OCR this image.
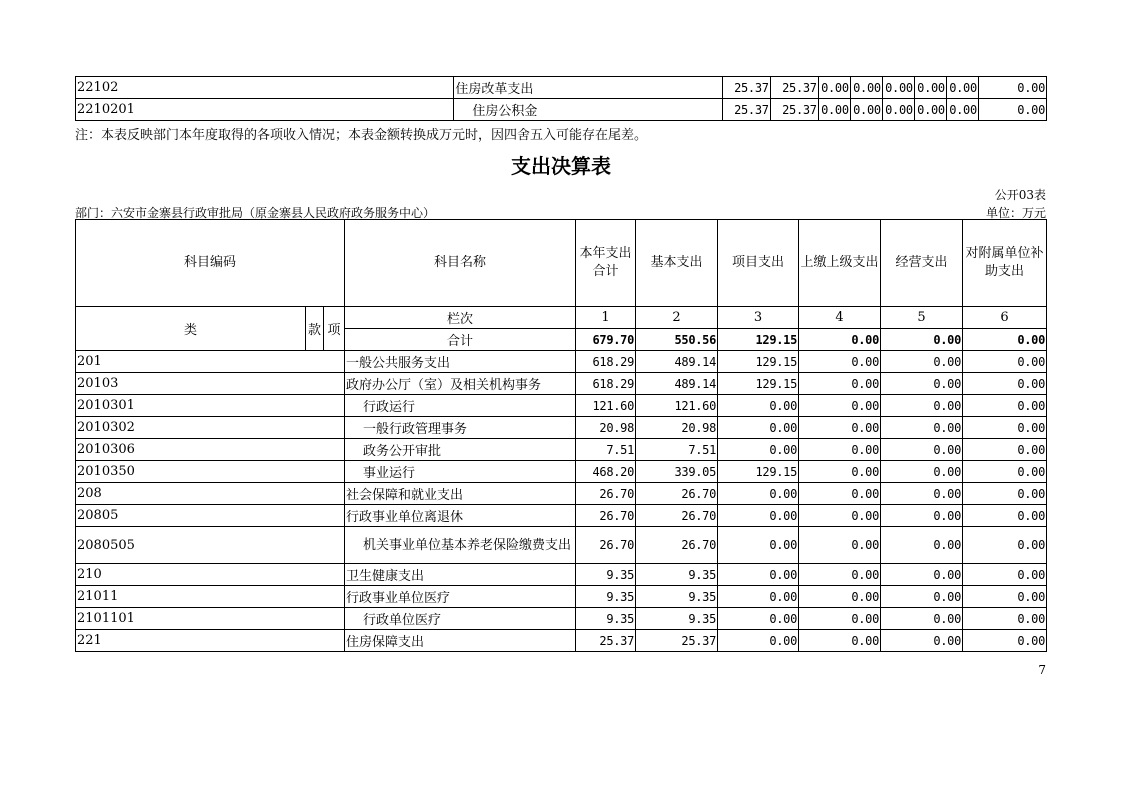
22102	住房改革支出	25.37	25.37	0.00	0.00	0.00	0.00	0.00	0.00
2210201	住房公积金	25.37	25.37	0.00	0.00	0.00	0.00	0.00	0.00
注：本表反映部门本年度取得的各项收入情况；本表金额转换成万元时，因四舍五入可能存在尾差。
支出决算表
公开03表
部门：六安市金寨县行政审批局（原金寨县人民政府政务服务中心）	单位：万元
科目编码			科目名称	本年支出合计	基本支出	项目支出	上缴上级支出	经营支出	对附属单位补助支出
类	款	项	栏次	1	2	3	4	5	6
			合计	679.70	550.56	129.15	0.00	0.00	0.00
201			一般公共服务支出	618.29	489.14	129.15	0.00	0.00	0.00
20103			政府办公厅（室）及相关机构事务	618.29	489.14	129.15	0.00	0.00	0.00
2010301			行政运行	121.60	121.60	0.00	0.00	0.00	0.00
2010302			一般行政管理事务	20.98	20.98	0.00	0.00	0.00	0.00
2010306			政务公开审批	7.51	7.51	0.00	0.00	0.00	0.00
2010350			事业运行	468.20	339.05	129.15	0.00	0.00	0.00
208			社会保障和就业支出	26.70	26.70	0.00	0.00	0.00	0.00
20805			行政事业单位离退休	26.70	26.70	0.00	0.00	0.00	0.00
2080505			机关事业单位基本养老保险缴费支出	26.70	26.70	0.00	0.00	0.00	0.00
210			卫生健康支出	9.35	9.35	0.00	0.00	0.00	0.00
21011			行政事业单位医疗	9.35	9.35	0.00	0.00	0.00	0.00
2101101			行政单位医疗	9.35	9.35	0.00	0.00	0.00	0.00
221			住房保障支出	25.37	25.37	0.00	0.00	0.00	0.00
7
